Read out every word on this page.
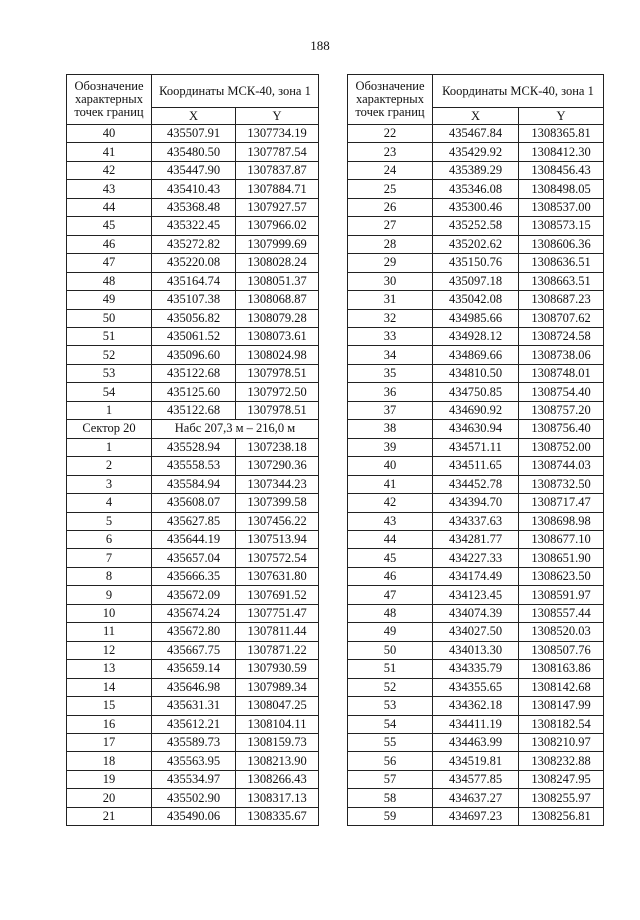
188
Обозначение
характерных
точек границ	Координаты МСК-40, зона 1	
	X	Y
40	435507.91	1307734.19
41	435480.50	1307787.54
42	435447.90	1307837.87
43	435410.43	1307884.71
44	435368.48	1307927.57
45	435322.45	1307966.02
46	435272.82	1307999.69
47	435220.08	1308028.24
48	435164.74	1308051.37
49	435107.38	1308068.87
50	435056.82	1308079.28
51	435061.52	1308073.61
52	435096.60	1308024.98
53	435122.68	1307978.51
54	435125.60	1307972.50
1	435122.68	1307978.51
Сектор 20	Набс 207,3 м – 216,0 м	
1	435528.94	1307238.18
2	435558.53	1307290.36
3	435584.94	1307344.23
4	435608.07	1307399.58
5	435627.85	1307456.22
6	435644.19	1307513.94
7	435657.04	1307572.54
8	435666.35	1307631.80
9	435672.09	1307691.52
10	435674.24	1307751.47
11	435672.80	1307811.44
12	435667.75	1307871.22
13	435659.14	1307930.59
14	435646.98	1307989.34
15	435631.31	1308047.25
16	435612.21	1308104.11
17	435589.73	1308159.73
18	435563.95	1308213.90
19	435534.97	1308266.43
20	435502.90	1308317.13
21	435490.06	1308335.67
Обозначение
характерных
точек границ	Координаты МСК-40, зона 1	
	X	Y
22	435467.84	1308365.81
23	435429.92	1308412.30
24	435389.29	1308456.43
25	435346.08	1308498.05
26	435300.46	1308537.00
27	435252.58	1308573.15
28	435202.62	1308606.36
29	435150.76	1308636.51
30	435097.18	1308663.51
31	435042.08	1308687.23
32	434985.66	1308707.62
33	434928.12	1308724.58
34	434869.66	1308738.06
35	434810.50	1308748.01
36	434750.85	1308754.40
37	434690.92	1308757.20
38	434630.94	1308756.40
39	434571.11	1308752.00
40	434511.65	1308744.03
41	434452.78	1308732.50
42	434394.70	1308717.47
43	434337.63	1308698.98
44	434281.77	1308677.10
45	434227.33	1308651.90
46	434174.49	1308623.50
47	434123.45	1308591.97
48	434074.39	1308557.44
49	434027.50	1308520.03
50	434013.30	1308507.76
51	434335.79	1308163.86
52	434355.65	1308142.68
53	434362.18	1308147.99
54	434411.19	1308182.54
55	434463.99	1308210.97
56	434519.81	1308232.88
57	434577.85	1308247.95
58	434637.27	1308255.97
59	434697.23	1308256.81
